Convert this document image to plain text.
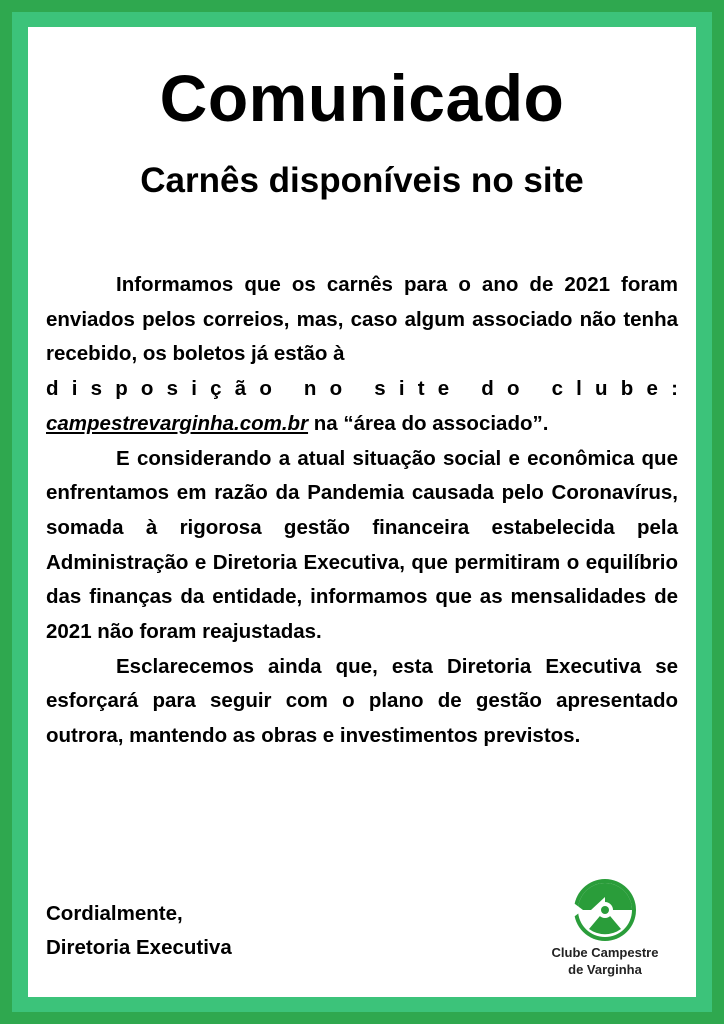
Comunicado
Carnês disponíveis no site

Informamos que os carnês para o ano de 2021 foram enviados pelos correios, mas, caso algum associado não tenha recebido, os boletos já estão à

d i s p o s i ç ã o
n o
s i t e
d o
c l u b e :

campestrevarginha.com.br na “área do associado”.

E considerando a atual situação social e econômica que enfrentamos em razão da Pandemia causada pelo Coronavírus, somada à rigorosa gestão financeira estabelecida pela Administração e Diretoria Executiva, que permitiram o equilíbrio das finanças da entidade, informamos que as mensalidades de 2021 não foram reajustadas.

Esclarecemos ainda que, esta Diretoria Executiva se esforçará para seguir com o plano de gestão apresentado outrora, mantendo as obras e investimentos previstos.

Cordialmente,
Diretoria Executiva	Clube Campestre
de Varginha
